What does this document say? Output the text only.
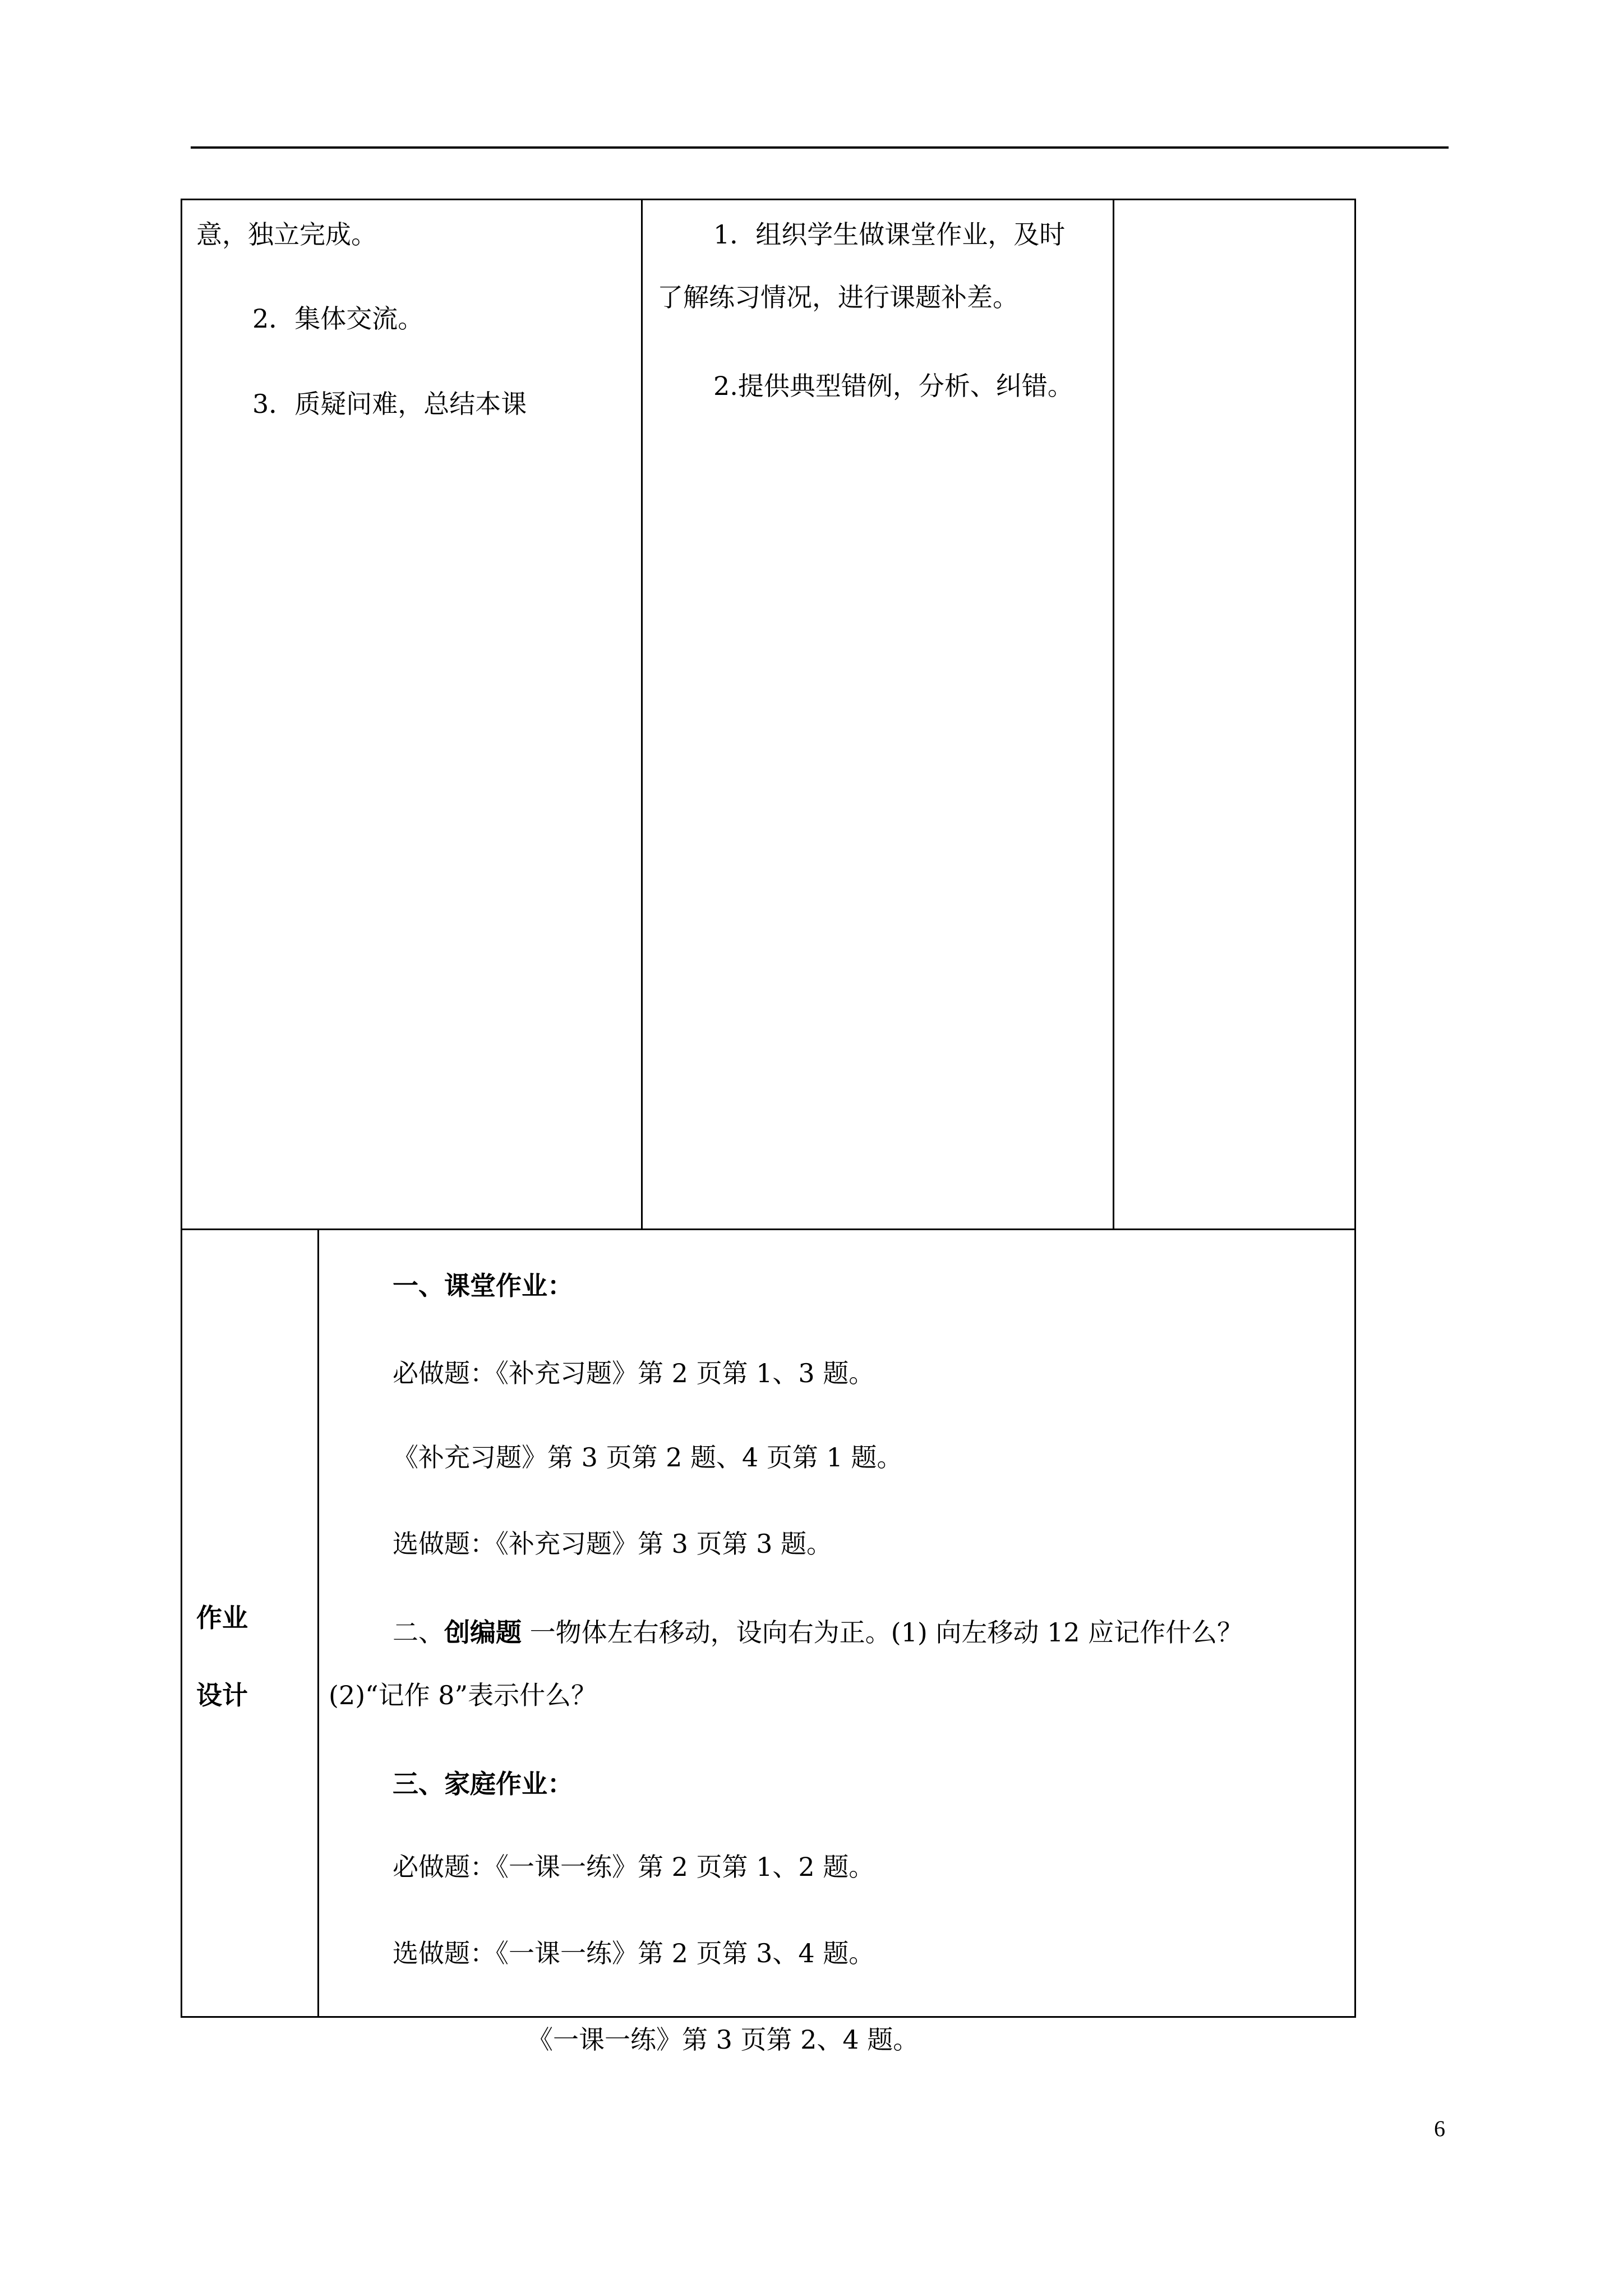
意，独立完成。
2．集体交流。
3．质疑问难，总结本课
1．组织学生做课堂作业，及时
了解练习情况，进行课题补差。
2.提供典型错例，分析、纠错。
作业
设计
一、课堂作业：
必做题：《补充习题》第 2 页第 1、3 题。
《补充习题》第 3 页第 2 题、4 页第 1 题。
选做题：《补充习题》第 3 页第 3 题。
二、创编题 一物体左右移动，设向右为正。(1) 向左移动 12 应记作什么？
(2)“记作 8”表示什么？
三、家庭作业：
必做题：《一课一练》第 2 页第 1、2 题。
选做题：《一课一练》第 2 页第 3、4 题。
《一课一练》第 3 页第 2、4 题。
6
